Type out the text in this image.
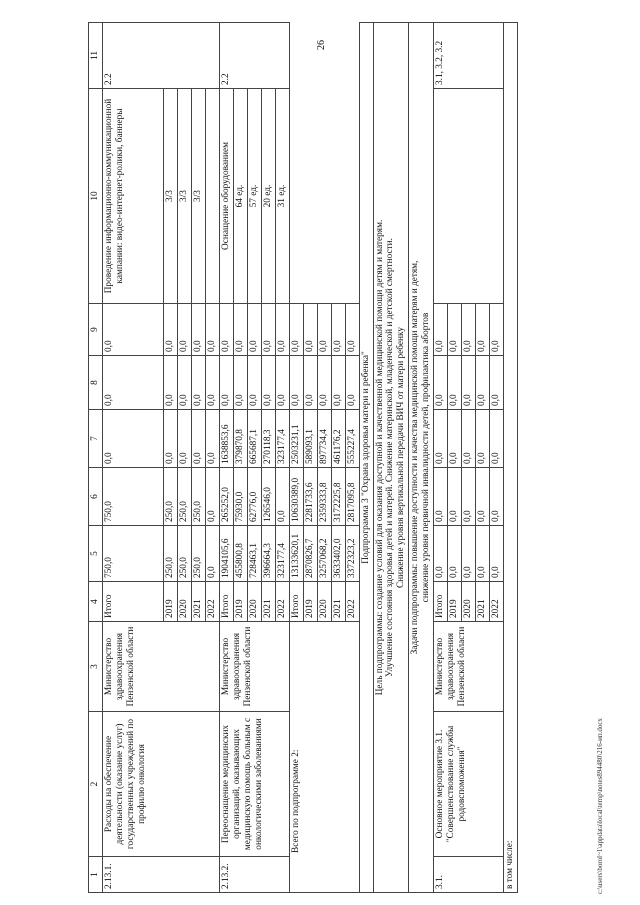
26
1	2	3	4	5	6	7	8	9	10	11
2.13.1.	Расходы на обеспечение деятельности (оказание услуг) государственных учреждений по профилю онкология	Министерство здравоохранения Пензенской области	Итого	750,0	750,0	0,0	0,0	0,0	Проведение информационно-коммуникационной кампании: видео-интернет-ролики, баннеры	2.2
			2019	250,0	250,0	0,0	0,0	0,0	3/3	
			2020	250,0	250,0	0,0	0,0	0,0	3/3	
			2021	250,0	250,0	0,0	0,0	0,0	3/3	
			2022	0,0	0,0	0,0	0,0	0,0		
2.13.2.	Переоснащение медицинских организаций, оказывающих медицинскую помощь больным с онкологическими заболеваниями	Министерство здравоохранения Пензенской области	Итого	1904105,6	265252,0	1638853,6	0,0	0,0	Оснащение оборудованием	2.2
			2019	455800,8	75930,0	379870,8	0,0	0,0	64 ед.	
			2020	728463,1	62776,0	665687,1	0,0	0,0	57 ед.	
			2021	396664,3	126546,0	270118,3	0,0	0,0	20 ед.	
			2022	323177,4	0,0	323177,4	0,0	0,0	31 ед.	
Всего по подпрограмме 2:			Итого	13133620,1	10630389,0	2503231,1	0,0	0,0		
			2019	2870826,7	2281733,6	589093,1	0,0	0,0		
			2020	3257068,2	2359333,8	897734,4	0,0	0,0		
			2021	3633402,0	3172225,8	461176,2	0,0	0,0		
			2022	3372323,2	2817095,8	555227,4	0,0	0,0		
Подпрограмма 3 "Охрана здоровья матери и ребенка"										

Цель подпрограммы: создание условий для оказания доступной и качественной медицинской помощи детям и матерям. Улучшение состояния здоровья детей и матерей. Снижение материнской, младенческой и детской смертности. Снижение уровня вертикальной передачи ВИЧ от матери ребенку										

Задачи подпрограммы: повышение доступности и качества медицинской помощи матерям и детям, снижение уровня первичной инвалидности детей, профилактика абортов										

3.1.	Основное мероприятие 3.1. "Совершенствование службы родовспоможения"	Министерство здравоохранения Пензенской области	Итого	0,0	0,0	0,0	0,0	0,0		3.1, 3.2, 3.2
			2019	0,0	0,0	0,0	0,0	0,0		
			2020	0,0	0,0	0,0	0,0	0,0		
			2021	0,0	0,0	0,0	0,0	0,0		
			2022	0,0	0,0	0,0	0,0	0,0		
в том числе:											c:\users\borol~1\appdata\local\temp\notes894480\216-ип.docx
